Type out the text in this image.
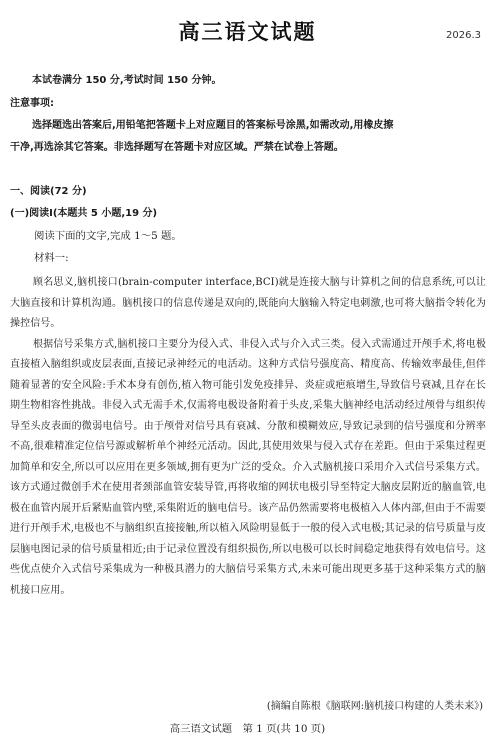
高三语文试题	2026.3
本试卷满分 150 分,考试时间 150 分钟。
注意事项:
选择题选出答案后,用铅笔把答题卡上对应题目的答案标号涂黑,如需改动,用橡皮擦
干净,再选涂其它答案。非选择题写在答题卡对应区域。严禁在试卷上答题。
一、阅读(72 分)
(一)阅读Ⅰ(本题共 5 小题,19 分)
阅读下面的文字,完成 1～5 题。
材料一:

顾名思义,脑机接口(brain-computer interface,BCI)就是连接大脑与计算机之间的信息系统,可以让大脑直接和计算机沟通。脑机接口的信息传递是双向的,既能向大脑输入特定电刺激,也可将大脑指令转化为操控信号。

根据信号采集方式,脑机接口主要分为侵入式、非侵入式与介入式三类。侵入式需通过开颅手术,将电极直接植入脑组织或皮层表面,直接记录神经元的电活动。这种方式信号强度高、精度高、传输效率最佳,但伴随着显著的安全风险:手术本身有创伤,植入物可能引发免疫排异、炎症或疤痕增生,导致信号衰减,且存在长期生物相容性挑战。非侵入式无需手术,仅需将电极设备附着于头皮,采集大脑神经电活动经过颅骨与组织传导至头皮表面的微弱电信号。由于颅骨对信号具有衰减、分散和模糊效应,导致记录到的信号强度和分辨率不高,很难精准定位信号源或解析单个神经元活动。因此,其使用效果与侵入式存在差距。但由于采集过程更加简单和安全,所以可以应用在更多领域,拥有更为广泛的受众。介入式脑机接口采用介入式信号采集方式。该方式通过微创手术在使用者颈部血管安装导管,再将收缩的网状电极引导至特定大脑皮层附近的脑血管,电极在血管内展开后紧贴血管内壁,采集附近的脑电信号。该产品仍然需要将电极植入人体内部,但由于不需要进行开颅手术,电极也不与脑组织直接接触,所以植入风险明显低于一般的侵入式电极;其记录的信号质量与皮层脑电图记录的信号质量相近;由于记录位置没有组织损伤,所以电极可以长时间稳定地获得有效电信号。这些优点使介入式信号采集成为一种极具潜力的大脑信号采集方式,未来可能出现更多基于这种采集方式的脑机接口应用。

(摘编自陈根《脑联网:脑机接口构建的人类未来》)
高三语文试题　第 1 页(共 10 页)
